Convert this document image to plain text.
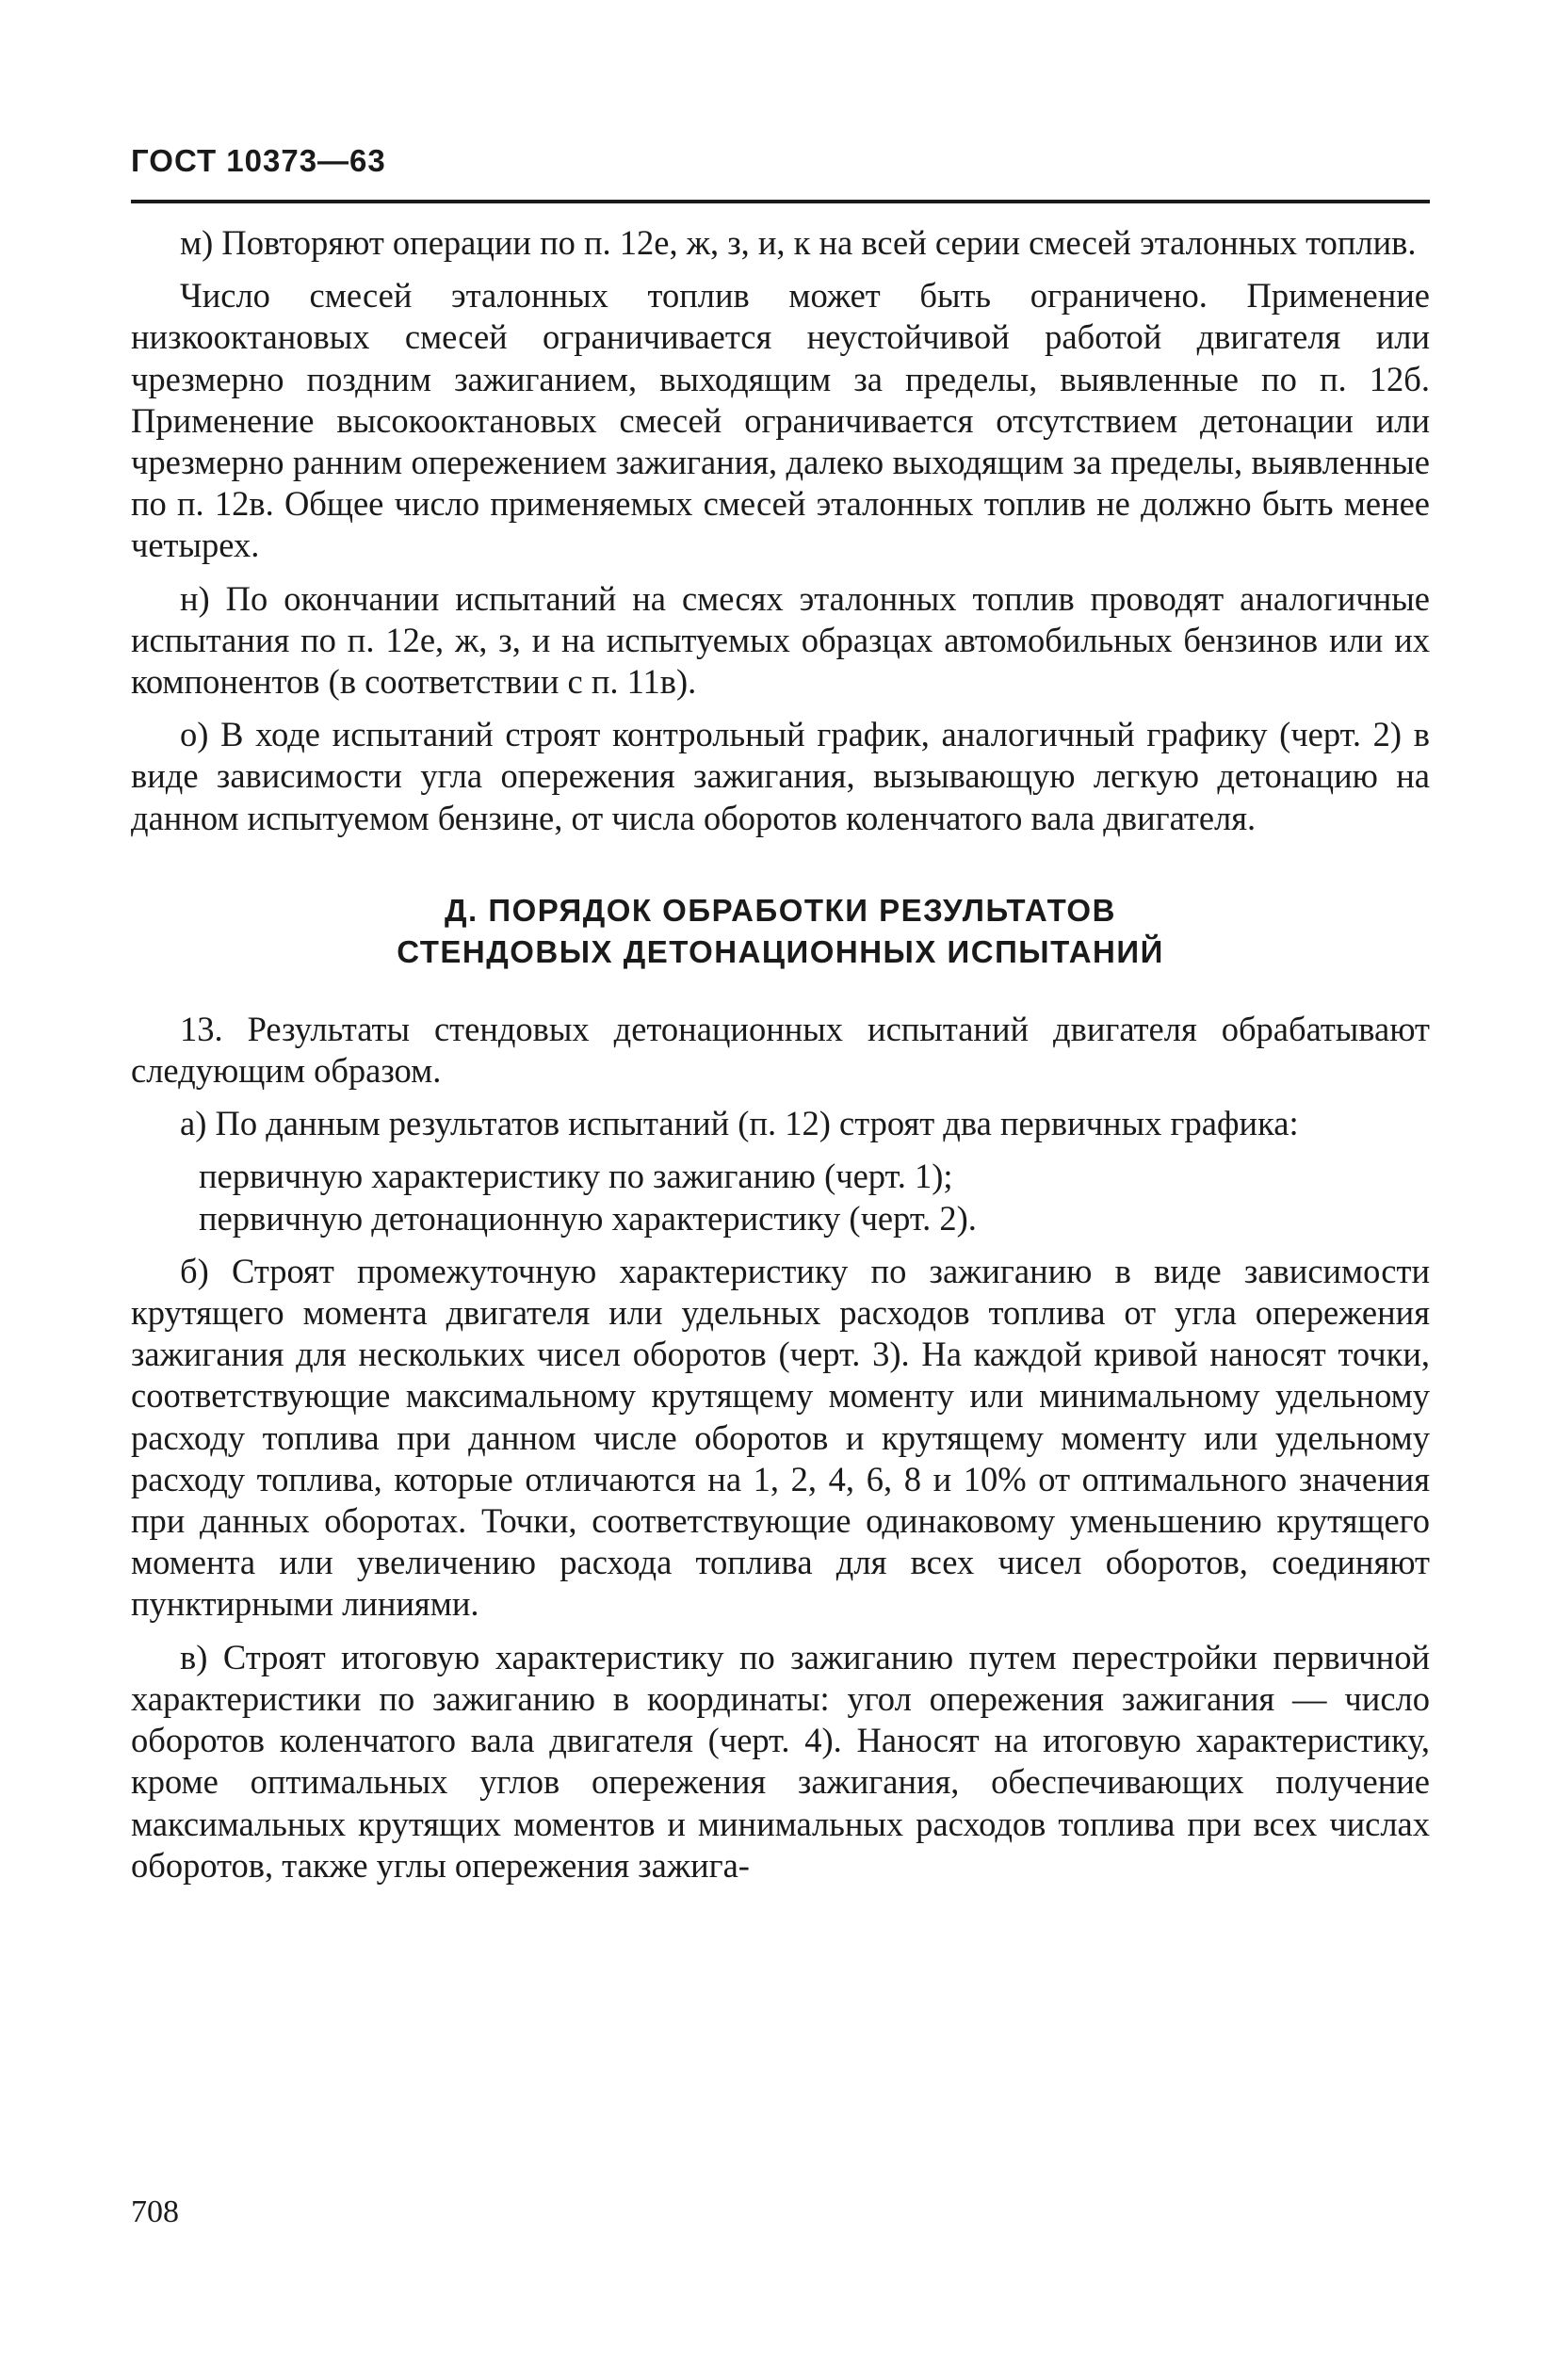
ГОСТ 10373—63

м) Повторяют операции по п. 12е, ж, з, и, к на всей серии смесей эталонных топлив.

Число смесей эталонных топлив может быть ограничено. Применение низкооктановых смесей ограничивается неустойчивой работой двигателя или чрезмерно поздним зажиганием, выходящим за пределы, выявленные по п. 12б. Применение высокооктановых смесей ограничивается отсутствием детонации или чрезмерно ранним опережением зажигания, далеко выходящим за пределы, выявленные по п. 12в. Общее число применяемых смесей эталонных топлив не должно быть менее четырех.

н) По окончании испытаний на смесях эталонных топлив проводят аналогичные испытания по п. 12е, ж, з, и на испытуемых образцах автомобильных бензинов или их компонентов (в соответствии с п. 11в).

о) В ходе испытаний строят контрольный график, аналогичный графику (черт. 2) в виде зависимости угла опережения зажигания, вызывающую легкую детонацию на данном испытуемом бензине, от числа оборотов коленчатого вала двигателя.

Д. ПОРЯДОК ОБРАБОТКИ РЕЗУЛЬТАТОВ
СТЕНДОВЫХ ДЕТОНАЦИОННЫХ ИСПЫТАНИЙ

13. Результаты стендовых детонационных испытаний двигателя обрабатывают следующим образом.

а) По данным результатов испытаний (п. 12) строят два первичных графика:

первичную характеристику по зажиганию (черт. 1);

первичную детонационную характеристику (черт. 2).

б) Строят промежуточную характеристику по зажиганию в виде зависимости крутящего момента двигателя или удельных расходов топлива от угла опережения зажигания для нескольких чисел оборотов (черт. 3). На каждой кривой наносят точки, соответствующие максимальному крутящему моменту или минимальному удельному расходу топлива при данном числе оборотов и крутящему моменту или удельному расходу топлива, которые отличаются на 1, 2, 4, 6, 8 и 10% от оптимального значения при данных оборотах. Точки, соответствующие одинаковому уменьшению крутящего момента или увеличению расхода топлива для всех чисел оборотов, соединяют пунктирными линиями.

в) Строят итоговую характеристику по зажиганию путем перестройки первичной характеристики по зажиганию в координаты: угол опережения зажигания — число оборотов коленчатого вала двигателя (черт. 4). Наносят на итоговую характеристику, кроме оптимальных углов опережения зажигания, обеспечивающих получение максимальных крутящих моментов и минимальных расходов топлива при всех числах оборотов, также углы опережения зажига-

708
